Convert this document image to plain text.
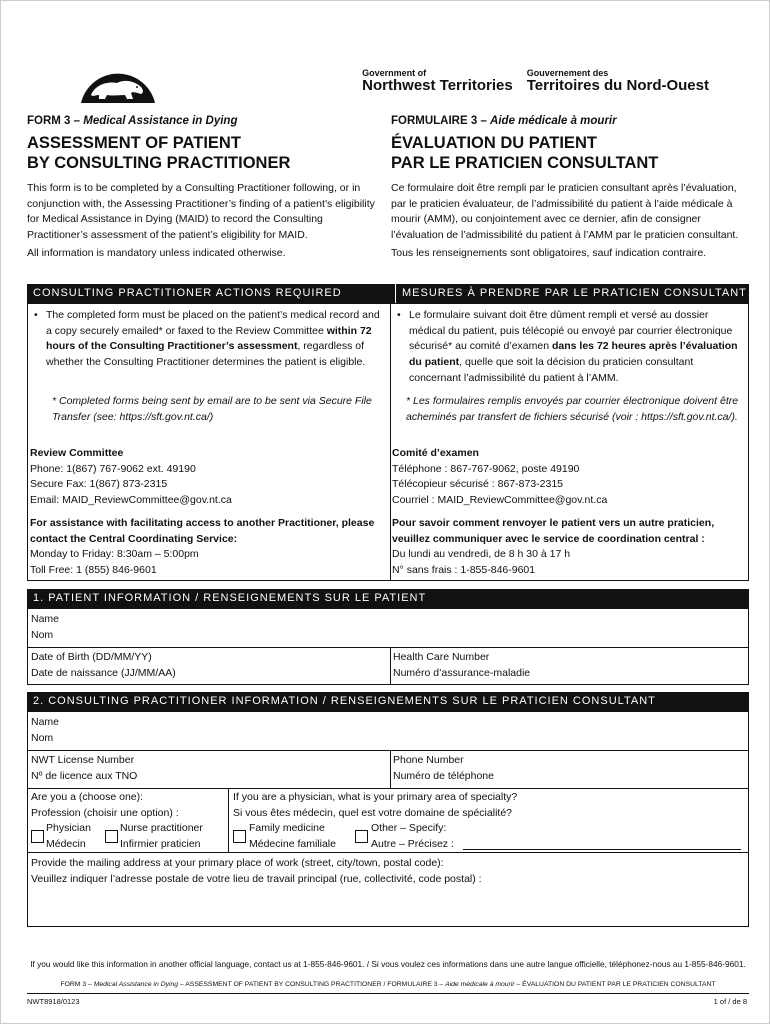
Government of
Northwest Territories
Gouvernement des
Territoires du Nord-Ouest
FORM 3 – Medical Assistance in Dying
ASSESSMENT OF PATIENT
BY CONSULTING PRACTITIONER
This form is to be completed by a Consulting Practitioner following, or in conjunction with, the Assessing Practitioner’s finding of a patient’s eligibility for Medical Assistance in Dying (MAID) to record the Consulting Practitioner’s assessment of the patient’s eligibility for MAID.
All information is mandatory unless indicated otherwise.
FORMULAIRE 3 – Aide médicale à mourir
ÉVALUATION DU PATIENT
PAR LE PRATICIEN CONSULTANT
Ce formulaire doit être rempli par le praticien consultant après l’évaluation, par le praticien évaluateur, de l’admissibilité du patient à l’aide médicale à mourir (AMM), ou conjointement avec ce dernier, afin de consigner l’évaluation de l’admissibilité du patient à l’AMM par le praticien consultant.
Tous les renseignements sont obligatoires, sauf indication contraire.
CONSULTING PRACTITIONER ACTIONS REQUIRED	MESURES À PRENDRE PAR LE PRATICIEN CONSULTANT
• The completed form must be placed on the patient’s medical record and a copy securely emailed* or faxed to the Review Committee within 72 hours of the Consulting Practitioner’s assessment, regardless of whether the Consulting Practitioner determines the patient is eligible.
* Completed forms being sent by email are to be sent via Secure File Transfer (see: https://sft.gov.nt.ca/)
Review Committee
Phone: 1(867) 767-9062 ext. 49190
Secure Fax: 1(867) 873-2315
Email: MAID_ReviewCommittee@gov.nt.ca
For assistance with facilitating access to another Practitioner, please contact the Central Coordinating Service:
Monday to Friday: 8:30am – 5:00pm
Toll Free: 1 (855) 846-9601
• Le formulaire suivant doit être dûment rempli et versé au dossier médical du patient, puis télécopié ou envoyé par courrier électronique sécurisé* au comité d’examen dans les 72 heures après l’évaluation du patient, quelle que soit la décision du praticien consultant concernant l’admissibilité du patient à l’AMM.
* Les formulaires remplis envoyés par courrier électronique doivent être acheminés par transfert de fichiers sécurisé (voir : https://sft.gov.nt.ca/).
Comité d’examen
Téléphone : 867-767-9062, poste 49190
Télécopieur sécurisé : 867-873-2315
Courriel : MAID_ReviewCommittee@gov.nt.ca
Pour savoir comment renvoyer le patient vers un autre praticien, veuillez communiquer avec le service de coordination central :
Du lundi au vendredi, de 8 h 30 à 17 h
N° sans frais : 1-855-846-9601
1. PATIENT INFORMATION / RENSEIGNEMENTS SUR LE PATIENT
Name
Nom
Date of Birth (DD/MM/YY)
Date de naissance (JJ/MM/AA)
Health Care Number
Numéro d’assurance-maladie
2. CONSULTING PRACTITIONER INFORMATION / RENSEIGNEMENTS SUR LE PRATICIEN CONSULTANT
Name
Nom
NWT License Number
Nº de licence aux TNO
Phone Number
Numéro de téléphone
Are you a (choose one):
Profession (choisir une option) :
Physician
Médecin
Nurse practitioner
Infirmier praticien
If you are a physician, what is your primary area of specialty?
Si vous êtes médecin, quel est votre domaine de spécialité?
Family medicine
Médecine familiale
Other – Specify:
Autre – Précisez :
Provide the mailing address at your primary place of work (street, city/town, postal code):
Veuillez indiquer l’adresse postale de votre lieu de travail principal (rue, collectivité, code postal) :
If you would like this information in another official language, contact us at 1-855-846-9601. / Si vous voulez ces informations dans une autre langue officielle, téléphonez-nous au 1-855-846-9601.
FORM 3 – Medical Assistance in Dying – ASSESSMENT OF PATIENT BY CONSULTING PRACTITIONER / FORMULAIRE 3 – Aide médicale à mourir – ÉVALUATION DU PATIENT PAR LE PRATICIEN CONSULTANT
NWT8918/0123	1 of / de 8
